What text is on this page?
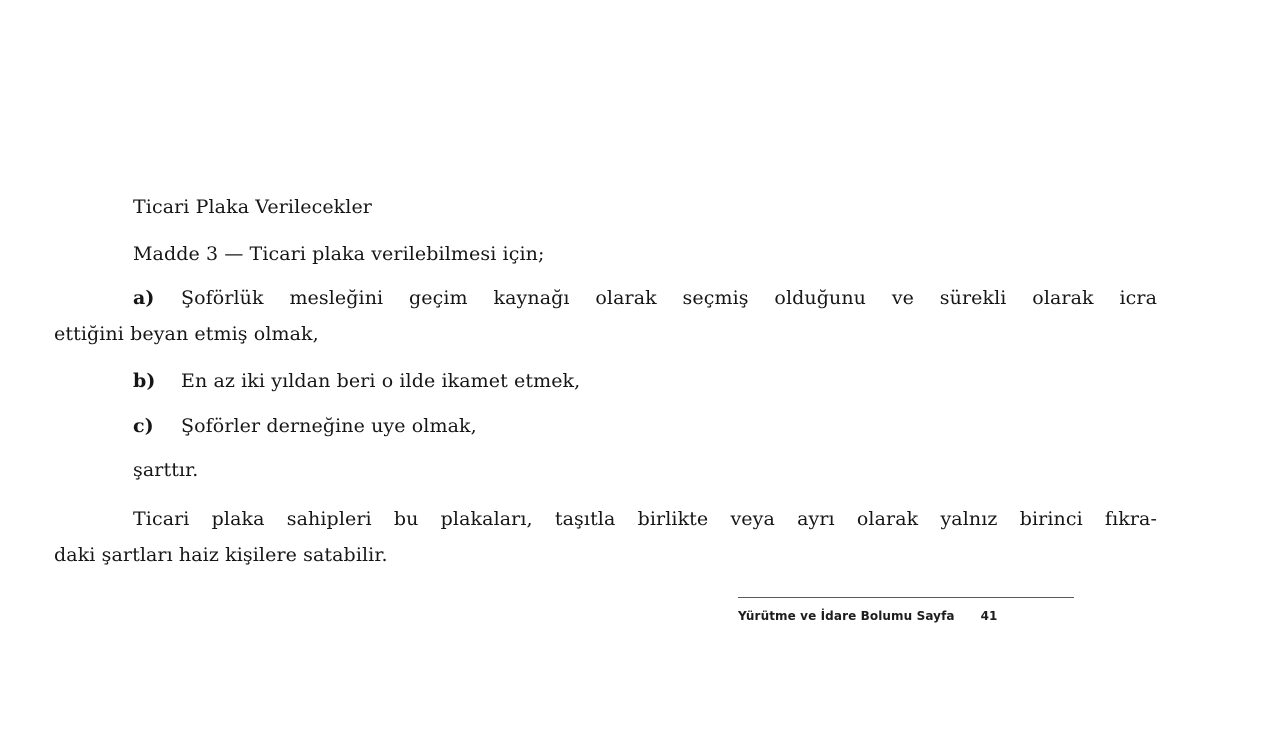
Ticari Plaka Verilecekler
Madde 3 — Ticari plaka verilebilmesi için;
a) Şoförlük mesleğini geçim kaynağı olarak seçmiş olduğunu ve sürekli olarak icra
ettiğini beyan etmiş olmak,
b) En az iki yıldan beri o ilde ikamet etmek,
c) Şoförler derneğine uye olmak,
şarttır.
Ticari plaka sahipleri bu plakaları, taşıtla birlikte veya ayrı olarak yalnız birinci fıkra-
daki şartları haiz kişilere satabilir.
Yürütme ve İdare Bolumu Sayfa 41
